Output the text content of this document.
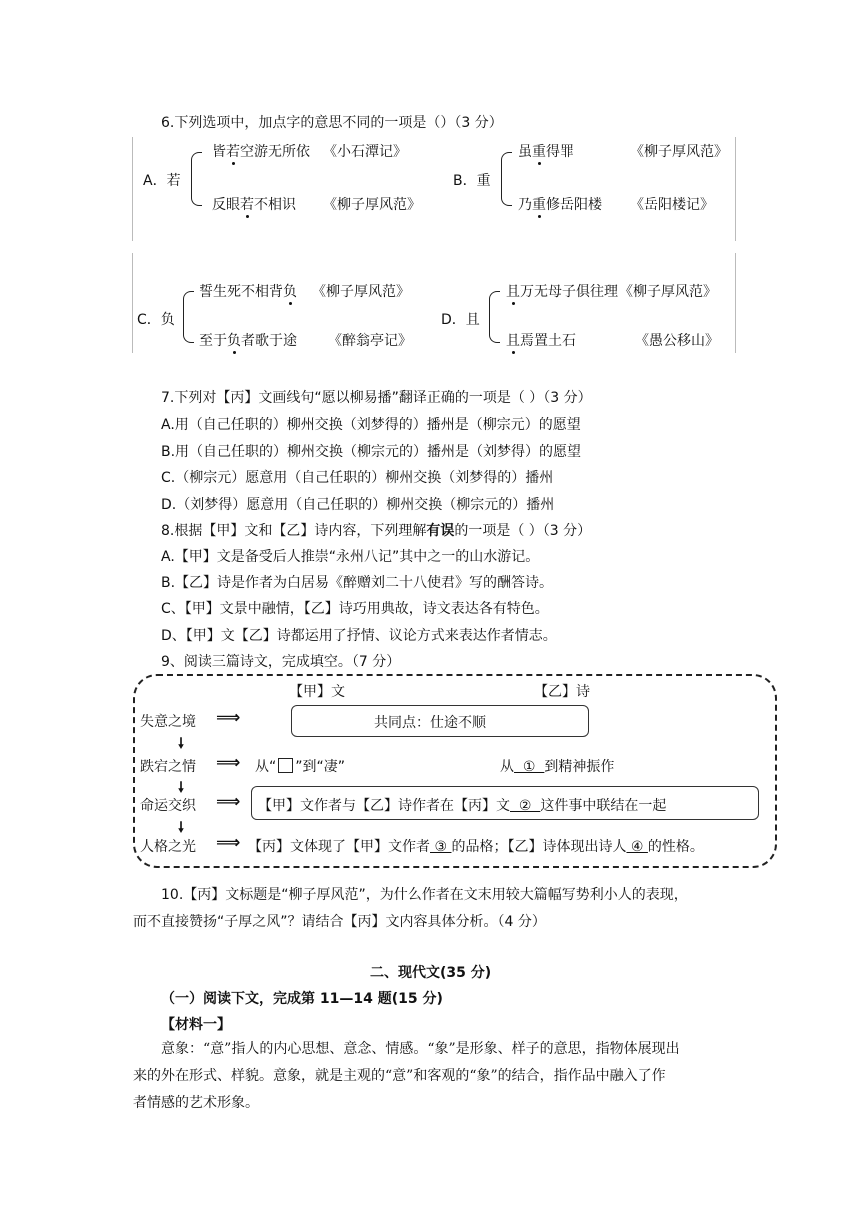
6.下列选项中，加点字的意思不同的一项是（）（3 分）
A．若
皆若空游无所依 《小石潭记》
反眼若不相识 《柳子厚风范》
B．重
虽重得罪	《柳子厚风范》
乃重修岳阳楼 《岳阳楼记》
C．负
誓生死不相背负 《柳子厚风范》
至于负者歌于途 《醉翁亭记》
D．且
且万无母子俱往理 《柳子厚风范》
且焉置土石	《愚公移山》
7.下列对【丙】文画线句“愿以柳易播”翻译正确的一项是（ ）（3 分）
A.用（自己任职的）柳州交换（刘梦得的）播州是（柳宗元）的愿望
B.用（自己任职的）柳州交换（柳宗元的）播州是（刘梦得）的愿望
C.（柳宗元）愿意用（自己任职的）柳州交换（刘梦得的）播州
D.（刘梦得）愿意用（自己任职的）柳州交换（柳宗元的）播州
8.根据【甲】文和【乙】诗内容，下列理解有误的一项是（ ）（3 分）
A.【甲】文是备受后人推崇“永州八记”其中之一的山水游记。
B.【乙】诗是作者为白居易《醉赠刘二十八使君》写的酬答诗。
C、【甲】文景中融情，【乙】诗巧用典故，诗文表达各有特色。
D、【甲】文【乙】诗都运用了抒情、议论方式来表达作者情志。
9、阅读三篇诗文，完成填空。（7 分）
【甲】文	【乙】诗
失意之境 ⟹	共同点：仕途不顺
🠗
跌宕之情 ⟹ 从“ ”到“凄”	从  ①  到精神振作
🠗
命运交织 ⟹ 【甲】文作者与【乙】诗作者在【丙】文  ②  这件事中联结在一起
🠗
人格之光 ⟹ 【丙】文体现了【甲】文作者 ③ 的品格；【乙】诗体现出诗人 ④ 的性格。
10.【丙】文标题是“柳子厚风范”，为什么作者在文末用较大篇幅写势利小人的表现，
而不直接赞扬“子厚之风”？请结合【丙】文内容具体分析。（4 分）
二、现代文(35 分)
（一）阅读下文，完成第 11—14 题(15 分)
【材料一】
意象：“意”指人的内心思想、意念、情感。“象”是形象、样子的意思，指物体展现出
来的外在形式、样貌。意象，就是主观的“意”和客观的“象”的结合，指作品中融入了作
者情感的艺术形象。
